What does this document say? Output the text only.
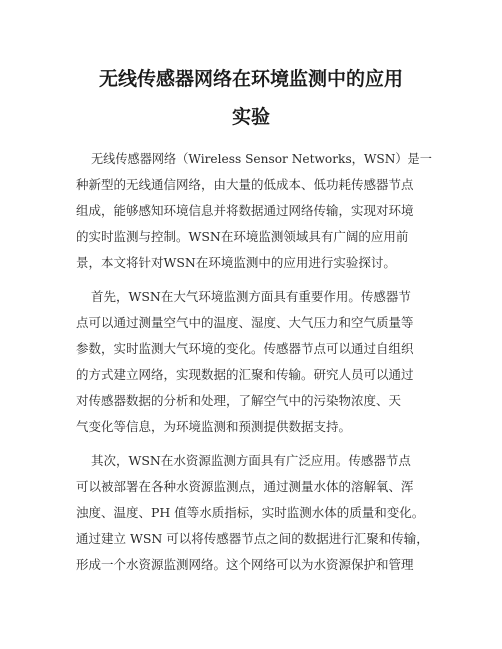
无线传感器网络在环境监测中的应用
实验
无线传感器网络（Wireless Sensor Networks，WSN）是一
种新型的无线通信网络，由大量的低成本、低功耗传感器节点
组成，能够感知环境信息并将数据通过网络传输，实现对环境
的实时监测与控制。WSN在环境监测领域具有广阔的应用前
景，本文将针对WSN在环境监测中的应用进行实验探讨。
首先，WSN在大气环境监测方面具有重要作用。传感器节
点可以通过测量空气中的温度、湿度、大气压力和空气质量等
参数，实时监测大气环境的变化。传感器节点可以通过自组织
的方式建立网络，实现数据的汇聚和传输。研究人员可以通过
对传感器数据的分析和处理，了解空气中的污染物浓度、天
气变化等信息，为环境监测和预测提供数据支持。
其次，WSN在水资源监测方面具有广泛应用。传感器节点
可以被部署在各种水资源监测点，通过测量水体的溶解氧、浑
浊度、温度、PH 值等水质指标，实时监测水体的质量和变化。
通过建立 WSN 可以将传感器节点之间的数据进行汇聚和传输，
形成一个水资源监测网络。这个网络可以为水资源保护和管理
